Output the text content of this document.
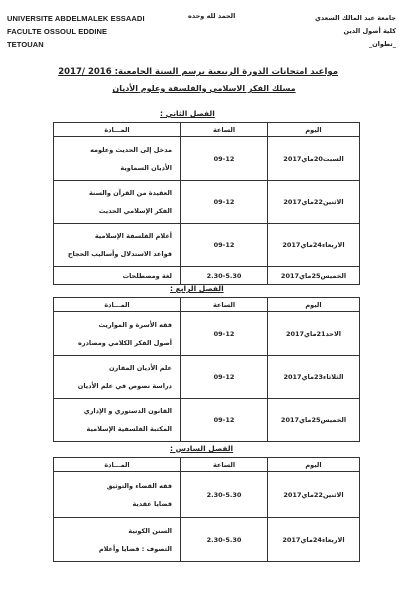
UNIVERSITE ABDELMALEK ESSAADI
FACULTE OSSOUL EDDINE
TETOUAN
الحمد لله وحده	جامعة عبد المالك السعدي
كلية أصول الدين
_تطوان_
مواعيد امتحانات الدورة الربيعية برسم السنة الجامعية: 2016 /2017
مسلك الفكر الاسلامي والفلسفة وعلوم الأديان
الفصل الثاني :
اليوم	الساعة	المـــادة
السبت20ماي2017	09-12	مدخل إلى الحديث وعلومه
الأديان السماوية

الاثنين22ماي2017	09-12	العقيدة من القرآن والسنة
الفكر الإسلامي الحديث

الاربعاء24ماي2017	09-12	أعلام الفلسفة الإسلامية
قواعد الاستدلال وأساليب الحجاج

الخميس25ماي2017	2.30-5.30	لغة ومصطلحات
الفصل الرابع :
اليوم	الساعة	المـــادة
الاحد21ماي2017	09-12	فقه الأسرة و المواريث
أصول الفكر الكلامي ومصادره

الثلاثاء23ماي2017	09-12	علم الأديان المقارن
دراسة نصوص في علم الأديان

الخميس25ماي2017	09-12	القانون الدستوري و الإداري
المكتبة الفلسفية الإسلامية
الفصل السادس :
اليوم	الساعة	المـــادة
الاثنين22ماي2017	2.30-5.30	فقه القضاء والتوثيق
قضايا عقدية

الاربعاء24ماي2017	2.30-5.30	السنن الكونية
التصوف : قضايا وأعلام
